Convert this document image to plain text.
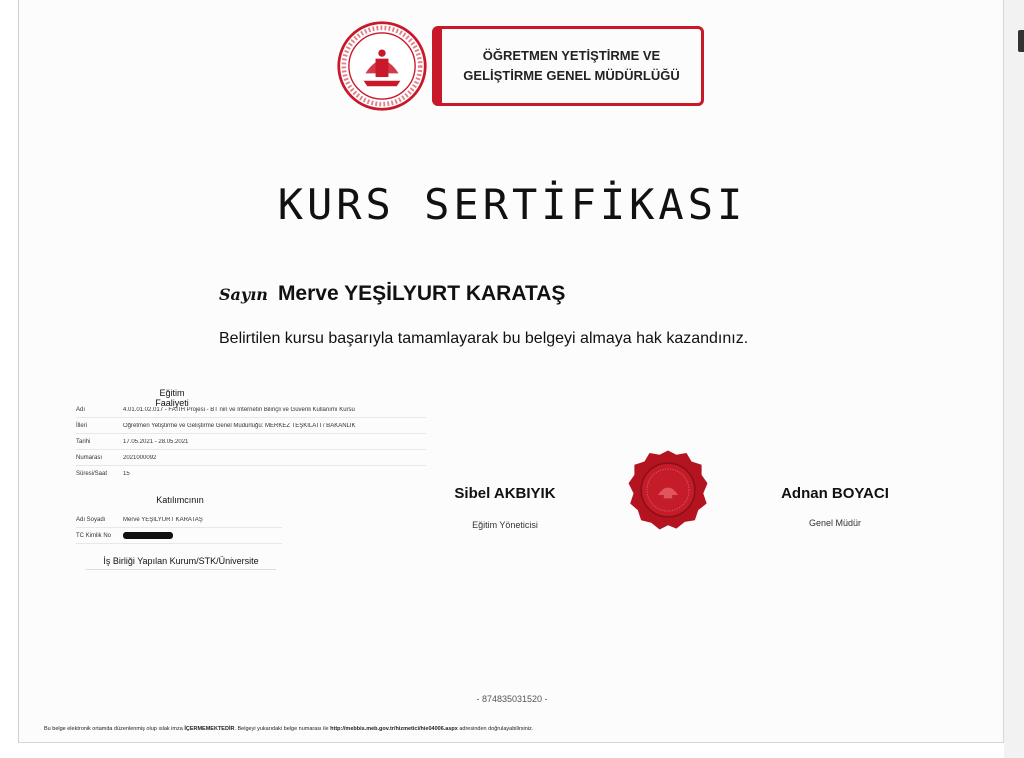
ÖĞRETMEN YETİŞTİRME VE GELİŞTİRME GENEL MÜDÜRLÜĞÜ
KURS SERTİFİKASI
Sayın Merve YEŞİLYURT KARATAŞ
Belirtilen kursu başarıyla tamamlayarak bu belgeyi almaya hak kazandınız.
Eğitim Faaliyeti
Adı	4.01.01.02.017 - FATİH Projesi - BT nin ve İnternetin Bilinçli ve Güvenli Kullanımı Kursu
İlleri	Öğretmen Yetiştirme ve Geliştirme Genel Müdürlüğü: MERKEZ TEŞKİLATI / BAKANLIK
Tarihi	17.05.2021 - 28.05.2021
Numarası	2021000092
Süresi/Saat	15
Katılımcının
Adı Soyadı	Merve YEŞİLYURT KARATAŞ
TC Kimlik No
İş Birliği Yapılan Kurum/STK/Üniversite
Sibel AKBIYIK
Eğitim Yöneticisi
Adnan BOYACI
Genel Müdür
- 874835031520 -
Bu belge elektronik ortamda düzenlenmiş olup ıslak imza İÇERMEMEKTEDİR. Belgeyi yukarıdaki belge numarası ile http://mebbis.meb.gov.tr/hizmetici/hie04006.aspx adresinden doğrulayabilirsiniz.
